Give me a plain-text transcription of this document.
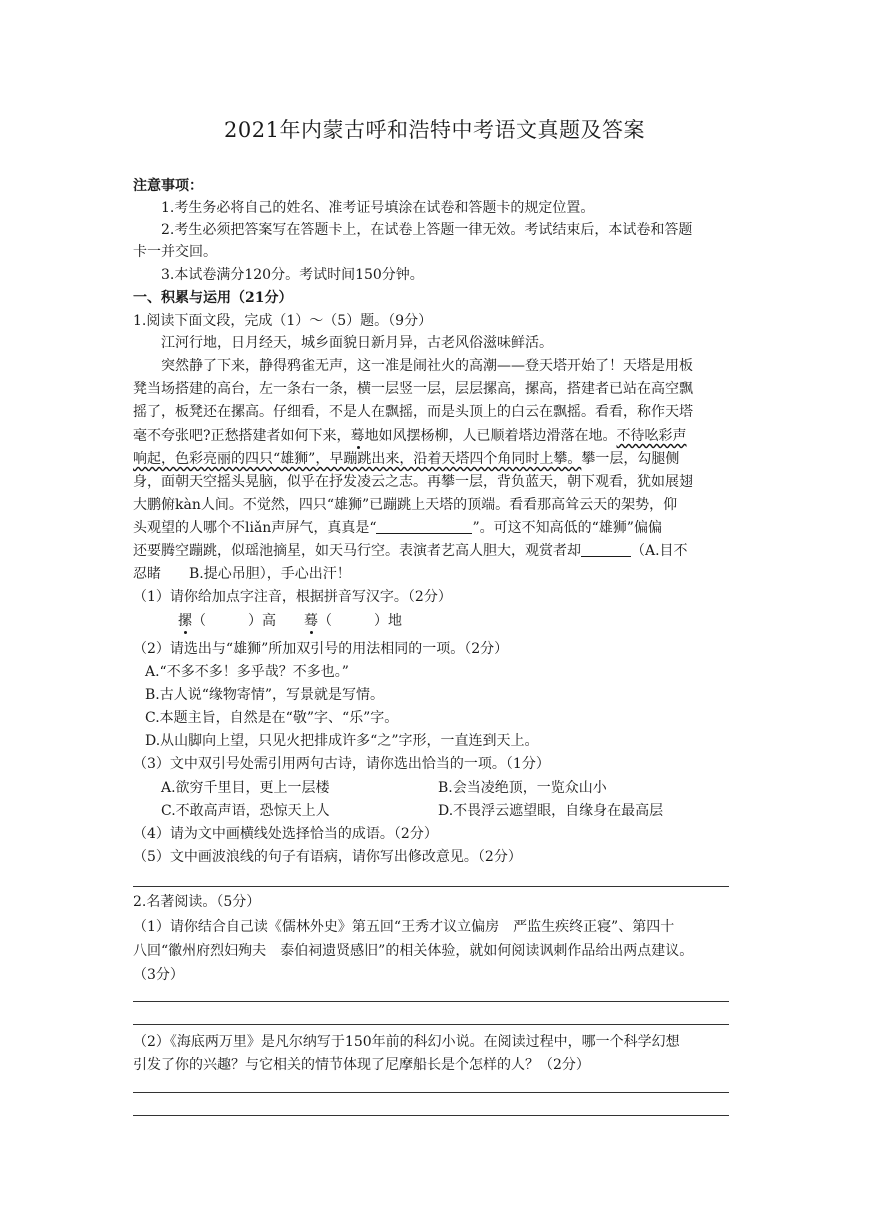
2021年内蒙古呼和浩特中考语文真题及答案
注意事项：
1.考生务必将自己的姓名、准考证号填涂在试卷和答题卡的规定位置。
2.考生必须把答案写在答题卡上，在试卷上答题一律无效。考试结束后，本试卷和答题
卡一并交回。
3.本试卷满分120分。考试时间150分钟。
一、积累与运用（21分）
1.阅读下面文段，完成（1）～（5）题。（9分）
江河行地，日月经天，城乡面貌日新月异，古老风俗滋味鲜活。
突然静了下来，静得鸦雀无声，这一准是闹社火的高潮——登天塔开始了！天塔是用板
凳当场搭建的高台，左一条右一条，横一层竖一层，层层摞高，摞高，搭建者已站在高空飘
摇了，板凳还在摞高。仔细看，不是人在飘摇，而是头顶上的白云在飘摇。看看，称作天塔
毫不夸张吧?正愁搭建者如何下来，蓦地如风摆杨柳，人已顺着塔边滑落在地。不待吆彩声
响起，色彩亮丽的四只“雄狮”，早蹦跳出来，沿着天塔四个角同时上攀。攀一层，勾腿侧
身，面朝天空摇头晃脑，似乎在抒发凌云之志。再攀一层，背负蓝天，朝下观看，犹如展翅
大鹏俯kàn人间。不觉然，四只“雄狮”已蹦跳上天塔的顶端。看看那高耸云天的架势，仰
头观望的人哪个不liǎn声屏气，真真是“	”。可这不知高低的“雄狮”偏偏
还要腾空蹦跳，似瑶池摘星，如天马行空。表演者艺高人胆大，观赏者却	（A.目不
忍睹　　B.提心吊胆），手心出汗！
（1）请你给加点字注音，根据拼音写汉字。（2分）
摞（　　　）高　　蓦（　　　）地
（2）请选出与“雄狮”所加双引号的用法相同的一项。（2分）
A.“不多不多！多乎哉？不多也。”
B.古人说“缘物寄情”，写景就是写情。
C.本题主旨，自然是在“敬”字、“乐”字。
D.从山脚向上望，只见火把排成许多“之”字形，一直连到天上。
（3）文中双引号处需引用两句古诗，请你选出恰当的一项。（1分）
A.欲穷千里目，更上一层楼	B.会当凌绝顶，一览众山小
C.不敢高声语，恐惊天上人	D.不畏浮云遮望眼，自缘身在最高层
（4）请为文中画横线处选择恰当的成语。（2分）
（5）文中画波浪线的句子有语病，请你写出修改意见。（2分）
2.名著阅读。（5分）
（1）请你结合自己读《儒林外史》第五回“王秀才议立偏房　严监生疾终正寝”、第四十
八回“徽州府烈妇殉夫　泰伯祠遗贤感旧”的相关体验，就如何阅读讽刺作品给出两点建议。
（3分）
（2）《海底两万里》是凡尔纳写于150年前的科幻小说。在阅读过程中，哪一个科学幻想
引发了你的兴趣？与它相关的情节体现了尼摩船长是个怎样的人？（2分）
